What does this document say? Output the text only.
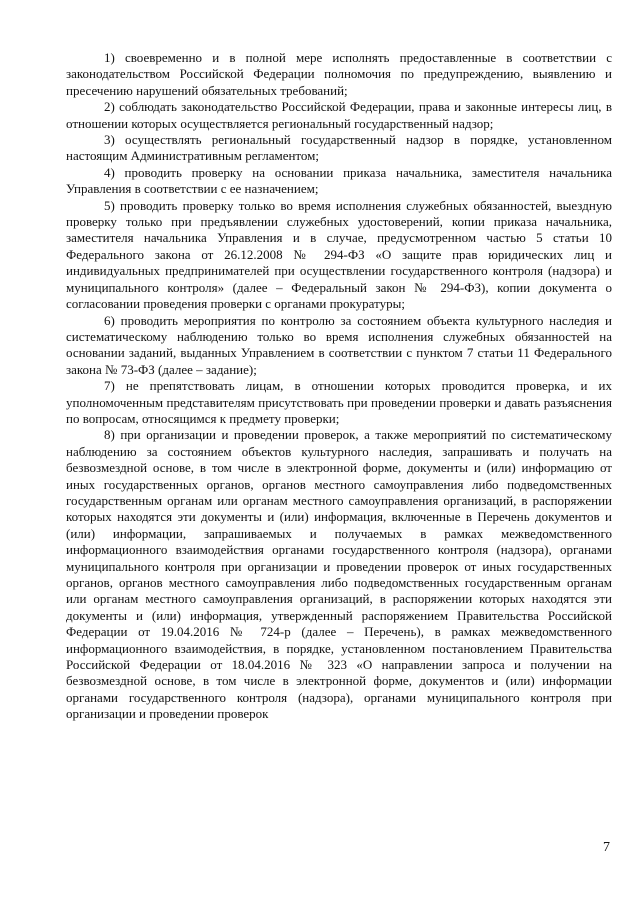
1) своевременно и в полной мере исполнять предоставленные в соответствии с законодательством Российской Федерации полномочия по предупреждению, выявлению и пресечению нарушений обязательных требований;

2) соблюдать законодательство Российской Федерации, права и законные интересы лиц, в отношении которых осуществляется региональный государственный надзор;

3) осуществлять региональный государственный надзор в порядке, установленном настоящим Административным регламентом;

4) проводить проверку на основании приказа начальника, заместителя начальника Управления в соответствии с ее назначением;

5) проводить проверку только во время исполнения служебных обязанностей, выездную проверку только при предъявлении служебных удостоверений, копии приказа начальника, заместителя начальника Управления и в случае, предусмотренном частью 5 статьи 10 Федерального закона от 26.12.2008 № 294-ФЗ «О защите прав юридических лиц и индивидуальных предпринимателей при осуществлении государственного контроля (надзора) и муниципального контроля» (далее – Федеральный закон № 294-ФЗ), копии документа о согласовании проведения проверки с органами прокуратуры;

6) проводить мероприятия по контролю за состоянием объекта культурного наследия и систематическому наблюдению только во время исполнения служебных обязанностей на основании заданий, выданных Управлением в соответствии с пунктом 7 статьи 11 Федерального закона № 73-ФЗ (далее – задание);

7) не препятствовать лицам, в отношении которых проводится проверка, и их уполномоченным представителям присутствовать при проведении проверки и давать разъяснения по вопросам, относящимся к предмету проверки;

8) при организации и проведении проверок, а также мероприятий по систематическому наблюдению за состоянием объектов культурного наследия, запрашивать и получать на безвозмездной основе, в том числе в электронной форме, документы и (или) информацию от иных государственных органов, органов местного самоуправления либо подведомственных государственным органам или органам местного самоуправления организаций, в распоряжении которых находятся эти документы и (или) информация, включенные в Перечень документов и (или) информации, запрашиваемых и получаемых в рамках межведомственного информационного взаимодействия органами государственного контроля (надзора), органами муниципального контроля при организации и проведении проверок от иных государственных органов, органов местного самоуправления либо подведомственных государственным органам или органам местного самоуправления организаций, в распоряжении которых находятся эти документы и (или) информация, утвержденный распоряжением Правительства Российской Федерации от 19.04.2016 № 724-р (далее – Перечень), в рамках межведомственного информационного взаимодействия, в порядке, установленном постановлением Правительства Российской Федерации от 18.04.2016 № 323 «О направлении запроса и получении на безвозмездной основе, в том числе в электронной форме, документов и (или) информации органами государственного контроля (надзора), органами муниципального контроля при организации и проведении проверок

7
